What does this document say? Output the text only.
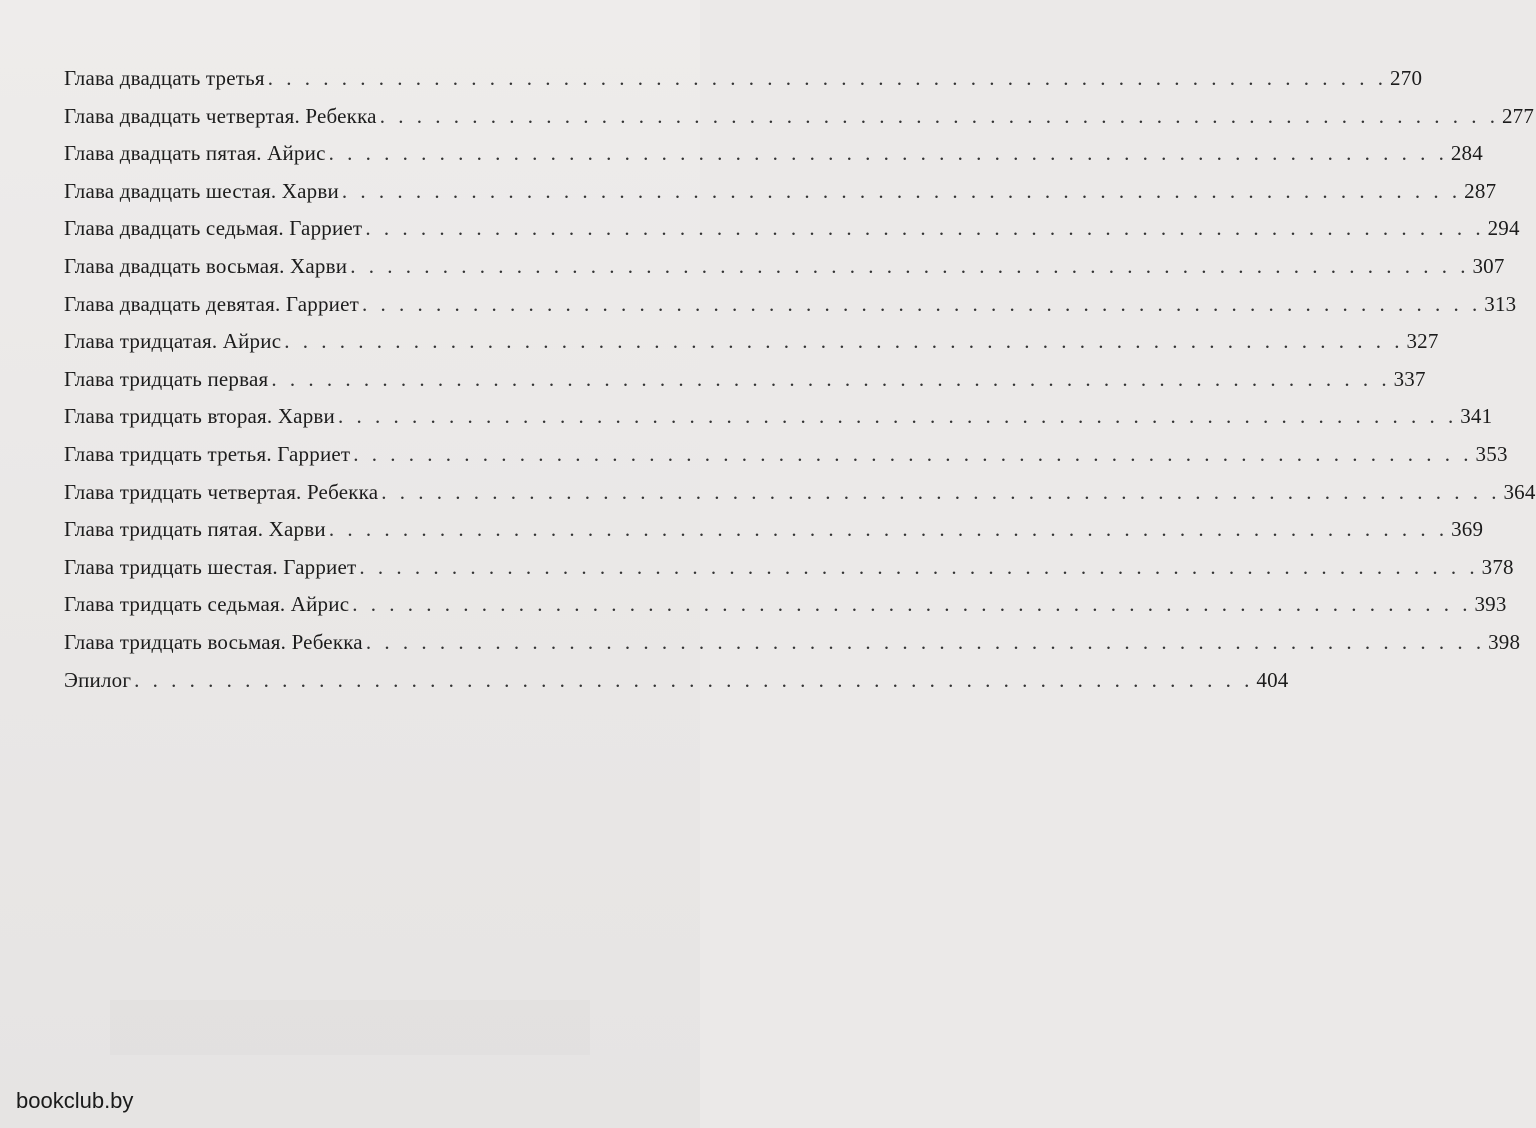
Глава двадцать третья . . . . . . . . . . . . . . . . . . . . . . . . . . . . . . . . . . . . . . . . . . . . . . . . . . . . . . . . . . . . . 270
Глава двадцать четвертая. Ребекка . . . . . . . . . . . . . . . . . . . . . . . . . . . . . . . . . . . . . . . . . . . . . . . . . . . . . . . . . . . . . 277
Глава двадцать пятая. Айрис . . . . . . . . . . . . . . . . . . . . . . . . . . . . . . . . . . . . . . . . . . . . . . . . . . . . . . . . . . . . . 284
Глава двадцать шестая. Харви . . . . . . . . . . . . . . . . . . . . . . . . . . . . . . . . . . . . . . . . . . . . . . . . . . . . . . . . . . . . . 287
Глава двадцать седьмая. Гарриет . . . . . . . . . . . . . . . . . . . . . . . . . . . . . . . . . . . . . . . . . . . . . . . . . . . . . . . . . . . . . 294
Глава двадцать восьмая. Харви . . . . . . . . . . . . . . . . . . . . . . . . . . . . . . . . . . . . . . . . . . . . . . . . . . . . . . . . . . . . . 307
Глава двадцать девятая. Гарриет . . . . . . . . . . . . . . . . . . . . . . . . . . . . . . . . . . . . . . . . . . . . . . . . . . . . . . . . . . . . . 313
Глава тридцатая. Айрис . . . . . . . . . . . . . . . . . . . . . . . . . . . . . . . . . . . . . . . . . . . . . . . . . . . . . . . . . . . . . 327
Глава тридцать первая . . . . . . . . . . . . . . . . . . . . . . . . . . . . . . . . . . . . . . . . . . . . . . . . . . . . . . . . . . . . . 337
Глава тридцать вторая. Харви . . . . . . . . . . . . . . . . . . . . . . . . . . . . . . . . . . . . . . . . . . . . . . . . . . . . . . . . . . . . . 341
Глава тридцать третья. Гарриет . . . . . . . . . . . . . . . . . . . . . . . . . . . . . . . . . . . . . . . . . . . . . . . . . . . . . . . . . . . . . 353
Глава тридцать четвертая. Ребекка . . . . . . . . . . . . . . . . . . . . . . . . . . . . . . . . . . . . . . . . . . . . . . . . . . . . . . . . . . . . . 364
Глава тридцать пятая. Харви . . . . . . . . . . . . . . . . . . . . . . . . . . . . . . . . . . . . . . . . . . . . . . . . . . . . . . . . . . . . . 369
Глава тридцать шестая. Гарриет . . . . . . . . . . . . . . . . . . . . . . . . . . . . . . . . . . . . . . . . . . . . . . . . . . . . . . . . . . . . . 378
Глава тридцать седьмая. Айрис . . . . . . . . . . . . . . . . . . . . . . . . . . . . . . . . . . . . . . . . . . . . . . . . . . . . . . . . . . . . . 393
Глава тридцать восьмая. Ребекка . . . . . . . . . . . . . . . . . . . . . . . . . . . . . . . . . . . . . . . . . . . . . . . . . . . . . . . . . . . . . 398
Эпилог . . . . . . . . . . . . . . . . . . . . . . . . . . . . . . . . . . . . . . . . . . . . . . . . . . . . . . . . . . . . . 404
bookclub.by
